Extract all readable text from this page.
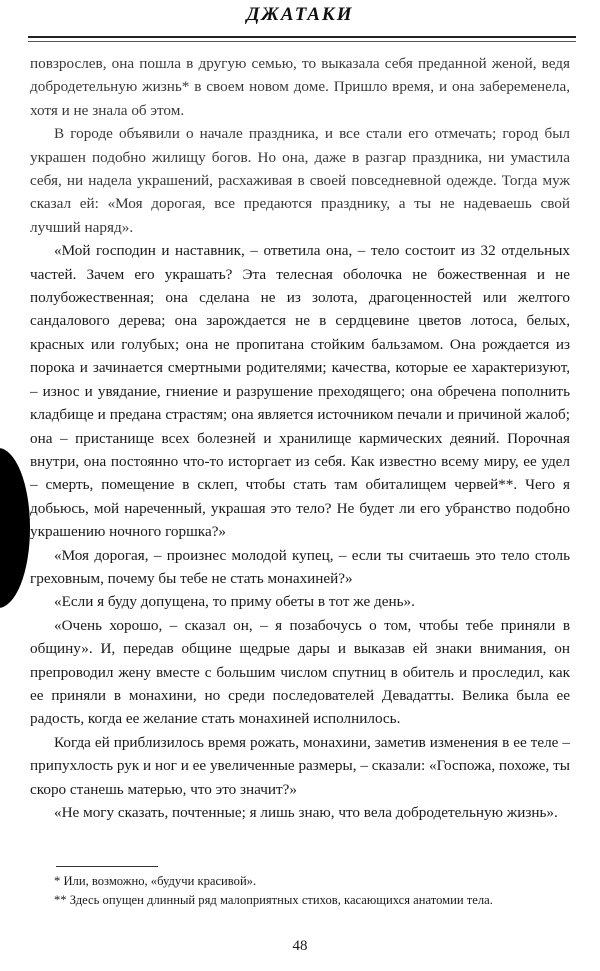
ДЖАТАКИ

повзрослев, она пошла в другую семью, то выказала себя преданной женой, ведя добродетельную жизнь* в своем новом доме. Пришло время, и она забеременела, хотя и не знала об этом.

В городе объявили о начале праздника, и все стали его отмечать; город был украшен подобно жилищу богов. Но она, даже в разгар праздника, ни умастила себя, ни надела украшений, расхаживая в своей повседневной одежде. Тогда муж сказал ей: «Моя дорогая, все предаются празднику, а ты не надеваешь свой лучший наряд».

«Мой господин и наставник, – ответила она, – тело состоит из 32 отдельных частей. Зачем его украшать? Эта телесная оболочка не божественная и не полубожественная; она сделана не из золота, драгоценностей или желтого сандалового дерева; она зарождается не в сердцевине цветов лотоса, белых, красных или голубых; она не пропитана стойким бальзамом. Она рождается из порока и зачинается смертными родителями; качества, которые ее характеризуют, – износ и увядание, гниение и разрушение преходящего; она обречена пополнить кладбище и предана страстям; она является источником печали и причиной жалоб; она – пристанище всех болезней и хранилище кармических деяний. Порочная внутри, она постоянно что-то исторгает из себя. Как известно всему миру, ее удел – смерть, помещение в склеп, чтобы стать там обиталищем червей**. Чего я добьюсь, мой нареченный, украшая это тело? Не будет ли его убранство подобно украшению ночного горшка?»

«Моя дорогая, – произнес молодой купец, – если ты считаешь это тело столь греховным, почему бы тебе не стать монахиней?»

«Если я буду допущена, то приму обеты в тот же день».

«Очень хорошо, – сказал он, – я позабочусь о том, чтобы тебе приняли в общину». И, передав общине щедрые дары и выказав ей знаки внимания, он препроводил жену вместе с большим числом спутниц в обитель и проследил, как ее приняли в монахини, но среди последователей Девадатты. Велика была ее радость, когда ее желание стать монахиней исполнилось.

Когда ей приблизилось время рожать, монахини, заметив изменения в ее теле – припухлость рук и ног и ее увеличенные размеры, – сказали: «Госпожа, похоже, ты скоро станешь матерью, что это значит?»

«Не могу сказать, почтенные; я лишь знаю, что вела добродетельную жизнь».

* Или, возможно, «будучи красивой».

** Здесь опущен длинный ряд малоприятных стихов, касающихся анатомии тела.

48
